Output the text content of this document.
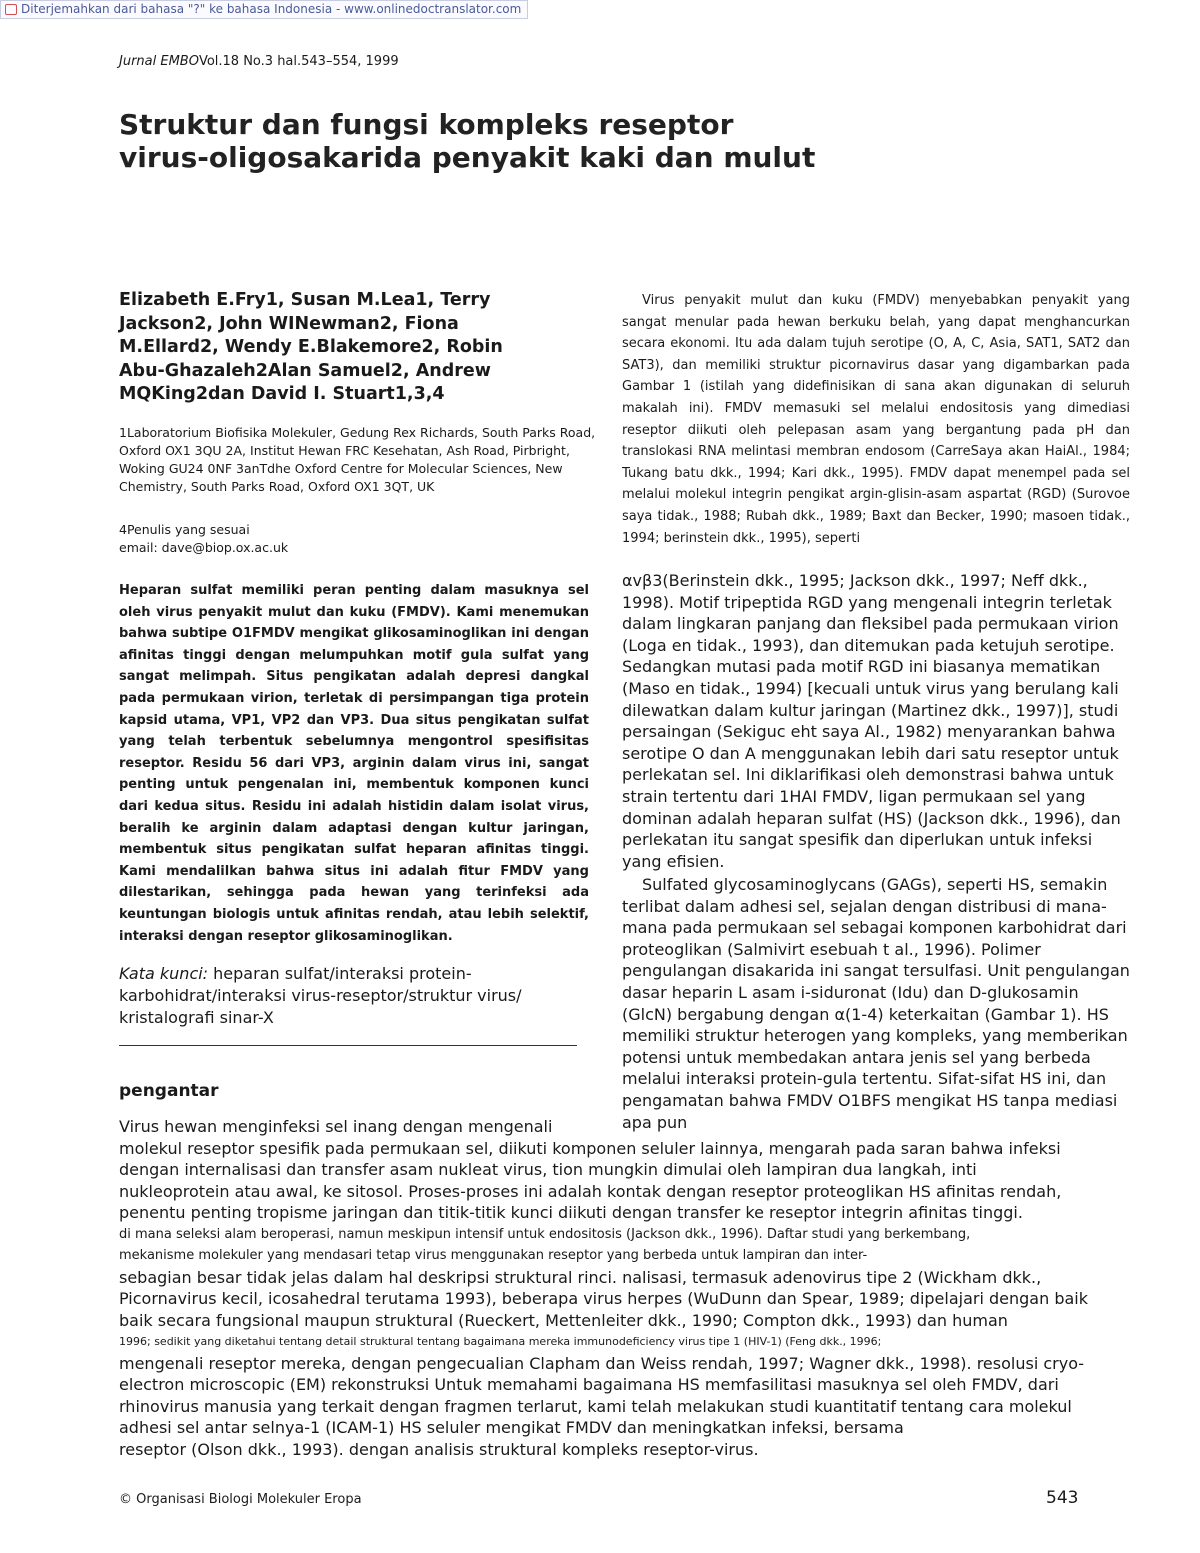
Diterjemahkan dari bahasa "?" ke bahasa Indonesia - www.onlinedoctranslator.com
Jurnal EMBOVol.18 No.3 hal.543–554, 1999
Struktur dan fungsi kompleks reseptor virus-oligosakarida penyakit kaki dan mulut
Elizabeth E.Fry1, Susan M.Lea1, Terry Jackson2, John WINewman2, Fiona M.Ellard2, Wendy E.Blakemore2, Robin Abu-Ghazaleh2Alan Samuel2, Andrew MQKing2dan David I. Stuart1,3,4
1Laboratorium Biofisika Molekuler, Gedung Rex Richards, South Parks Road, Oxford OX1 3QU 2A, Institut Hewan FRC Kesehatan, Ash Road, Pirbright, Woking GU24 0NF 3anTdhe Oxford Centre for Molecular Sciences, New Chemistry, South Parks Road, Oxford OX1 3QT, UK
4Penulis yang sesuai
email: dave@biop.ox.ac.uk

Heparan sulfat memiliki peran penting dalam masuknya sel oleh virus penyakit mulut dan kuku (FMDV). Kami menemukan bahwa subtipe O1FMDV mengikat glikosaminoglikan ini dengan afinitas tinggi dengan melumpuhkan motif gula sulfat yang sangat melimpah. Situs pengikatan adalah depresi dangkal pada permukaan virion, terletak di persimpangan tiga protein kapsid utama, VP1, VP2 dan VP3. Dua situs pengikatan sulfat yang telah terbentuk sebelumnya mengontrol spesifisitas reseptor. Residu 56 dari VP3, arginin dalam virus ini, sangat penting untuk pengenalan ini, membentuk komponen kunci dari kedua situs. Residu ini adalah histidin dalam isolat virus, beralih ke arginin dalam adaptasi dengan kultur jaringan, membentuk situs pengikatan sulfat heparan afinitas tinggi. Kami mendalilkan bahwa situs ini adalah fitur FMDV yang dilestarikan, sehingga pada hewan yang terinfeksi ada keuntungan biologis untuk afinitas rendah, atau lebih selektif, interaksi dengan reseptor glikosaminoglikan.

Kata kunci: heparan sulfat/interaksi protein-karbohidrat/interaksi virus-reseptor/struktur virus/ kristalografi sinar-X

pengantar

Virus penyakit mulut dan kuku (FMDV) menyebabkan penyakit yang sangat menular pada hewan berkuku belah, yang dapat menghancurkan secara ekonomi. Itu ada dalam tujuh serotipe (O, A, C, Asia, SAT1, SAT2 dan SAT3), dan memiliki struktur picornavirus dasar yang digambarkan pada Gambar 1 (istilah yang didefinisikan di sana akan digunakan di seluruh makalah ini). FMDV memasuki sel melalui endositosis yang dimediasi reseptor diikuti oleh pelepasan asam yang bergantung pada pH dan translokasi RNA melintasi membran endosom (CarreSaya akan HaiAl., 1984; Tukang batu dkk., 1994; Kari dkk., 1995). FMDV dapat menempel pada sel melalui molekul integrin pengikat argin-glisin-asam aspartat (RGD) (Surovoe saya tidak., 1988; Rubah dkk., 1989; Baxt dan Becker, 1990; masoen tidak., 1994; berinstein dkk., 1995), seperti

αvβ3(Berinstein dkk., 1995; Jackson dkk., 1997; Neff dkk., 1998). Motif tripeptida RGD yang mengenali integrin terletak dalam lingkaran panjang dan fleksibel pada permukaan virion (Loga en tidak., 1993), dan ditemukan pada ketujuh serotipe. Sedangkan mutasi pada motif RGD ini biasanya mematikan (Maso en tidak., 1994) [kecuali untuk virus yang berulang kali dilewatkan dalam kultur jaringan (Martinez dkk., 1997)], studi persaingan (Sekiguc eht saya Al., 1982) menyarankan bahwa serotipe O dan A menggunakan lebih dari satu reseptor untuk perlekatan sel. Ini diklarifikasi oleh demonstrasi bahwa untuk strain tertentu dari 1HAI FMDV, ligan permukaan sel yang dominan adalah heparan sulfat (HS) (Jackson dkk., 1996), dan perlekatan itu sangat spesifik dan diperlukan untuk infeksi yang efisien.

Sulfated glycosaminoglycans (GAGs), seperti HS, semakin terlibat dalam adhesi sel, sejalan dengan distribusi di mana-mana pada permukaan sel sebagai komponen karbohidrat dari proteoglikan (Salmivirt esebuah t al., 1996). Polimer pengulangan disakarida ini sangat tersulfasi. Unit pengulangan dasar heparin L asam i-siduronat (Idu) dan D-glukosamin (GlcN) bergabung dengan α(1-4) keterkaitan (Gambar 1). HS memiliki struktur heterogen yang kompleks, yang memberikan potensi untuk membedakan antara jenis sel yang berbeda melalui interaksi protein-gula tertentu. Sifat-sifat HS ini, dan pengamatan bahwa FMDV O1BFS mengikat HS tanpa mediasi apa pun

Virus hewan menginfeksi sel inang dengan mengenali
molekul reseptor spesifik pada permukaan sel, diikuti komponen seluler lainnya, mengarah pada saran bahwa infeksi
dengan internalisasi dan transfer asam nukleat virus, tion mungkin dimulai oleh lampiran dua langkah, inti
nukleoprotein atau awal, ke sitosol. Proses-proses ini adalah kontak dengan reseptor proteoglikan HS afinitas rendah,
penentu penting tropisme jaringan dan titik-titik kunci diikuti dengan transfer ke reseptor integrin afinitas tinggi.
di mana seleksi alam beroperasi, namun meskipun intensif untuk endositosis (Jackson dkk., 1996). Daftar studi yang berkembang,
mekanisme molekuler yang mendasari tetap virus menggunakan reseptor yang berbeda untuk lampiran dan inter-
sebagian besar tidak jelas dalam hal deskripsi struktural rinci. nalisasi, termasuk adenovirus tipe 2 (Wickham dkk.,
Picornavirus kecil, icosahedral terutama 1993), beberapa virus herpes (WuDunn dan Spear, 1989; dipelajari dengan baik
baik secara fungsional maupun struktural (Rueckert, Mettenleiter dkk., 1990; Compton dkk., 1993) dan human
1996; sedikit yang diketahui tentang detail struktural tentang bagaimana mereka immunodeficiency virus tipe 1 (HIV-1) (Feng dkk., 1996;
mengenali reseptor mereka, dengan pengecualian Clapham dan Weiss rendah, 1997; Wagner dkk., 1998). resolusi cryo-
electron microscopic (EM) rekonstruksi Untuk memahami bagaimana HS memfasilitasi masuknya sel oleh FMDV, dari
rhinovirus manusia yang terkait dengan fragmen terlarut, kami telah melakukan studi kuantitatif tentang cara molekul
adhesi sel antar selnya-1 (ICAM-1) HS seluler mengikat FMDV dan meningkatkan infeksi, bersama
reseptor (Olson dkk., 1993). dengan analisis struktural kompleks reseptor-virus.
© Organisasi Biologi Molekuler Eropa	543
